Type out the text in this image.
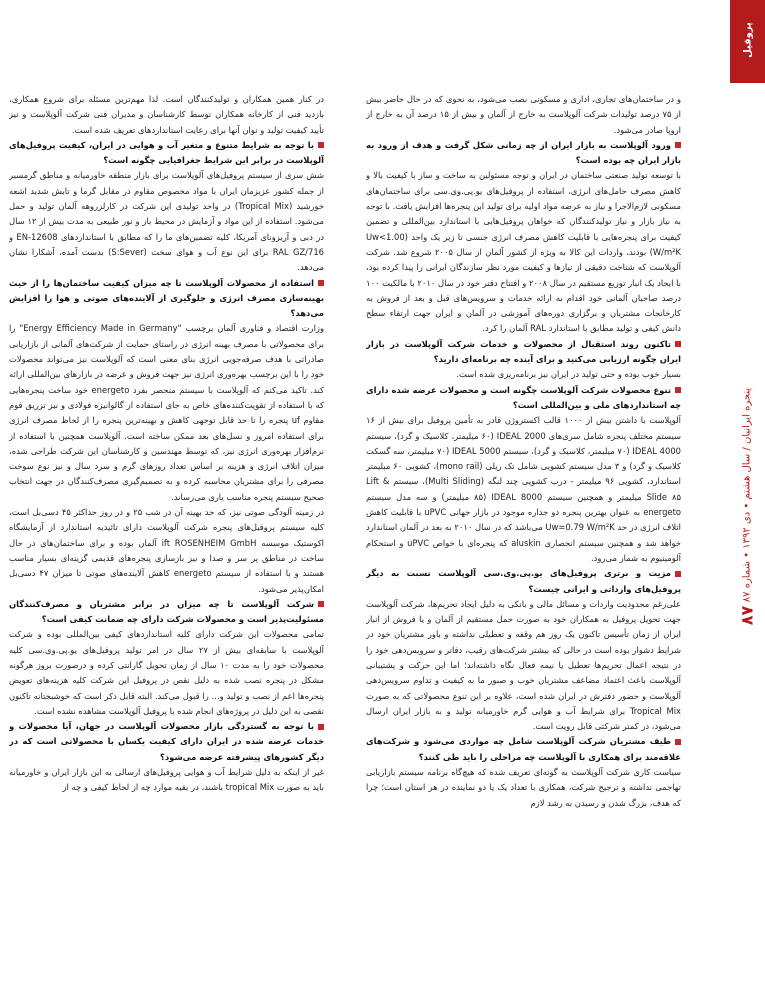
پروفیل
پنجره ایرانیان / سال هشتم • دی ۱۳۹۲ • شماره ۸۷
۸۷

و در ساختمان‌های تجاری، اداری و مسکونی نصب می‌شود، به نحوی که در حال حاضر بیش از ۷۵ درصد تولیدات شرکت آلوپلاست به خارج از آلمان و بیش از ۱۵ درصد آن به خارج از اروپا صادر می‌شود.

ورود آلوپلاست به بازار ایران از چه زمانی شکل گرفت و هدف از ورود به بازار ایران چه بوده است؟

با توسعه تولید صنعتی ساختمان در ایران و توجه مسئولین به ساخت و ساز با کیفیت بالا و کاهش مصرف حامل‌های انرژی، استفاده از پروفیل‌های یو.پی.وی.سی برای ساختمان‌های مسکونی لازم‌الاجرا و نیاز به عرضه مواد اولیه برای تولید این پنجره‌ها افزایش یافت. با توجه به نیاز بازار و نیاز تولیدکنندگان که خواهان پروفیل‌هایی با استاندارد بین‌المللی و تضمین کیفیت برای پنجره‌هایی با قابلیت کاهش مصرف انرژی جنسی تا زیر یک واحد (Uw<1.00 W/m²K) بودند، واردات این کالا به ویژه از کشور آلمان از سال ۲۰۰۵ شروع شد. شرکت آلوپلاست که شناخت دقیقی از نیازها و کیفیت مورد نظر سازندگان ایرانی را پیدا کرده بود، با ایجاد یک انبار توزیع مستقیم در سال ۲۰۰۸ و افتتاح دفتر خود در سال ۲۰۱۰ با مالکیت ۱۰۰ درصد صاحبان آلمانی خود اقدام به ارائه خدمات و سرویس‌های قبل و بعد از فروش به کارخانجات مشتریان و برگزاری دوره‌های آموزشی در آلمان و ایران جهت ارتقاء سطح دانش کیفی و تولید مطابق با استاندارد RAL آلمان را کرد.

تاکنون روند استقبال از محصولات و خدمات شرکت آلوپلاست در بازار ایران چگونه ارزیابی می‌کنید و برای آینده چه برنامه‌ای دارید؟

بسیار خوب بوده و حتی تولید در ایران نیز برنامه‌ریزی شده است.

تنوع محصولات شرکت آلوپلاست چگونه است و محصولات عرضه شده دارای چه استانداردهای ملی و بین‌المللی است؟

آلوپلاست با داشتن بیش از ۱۰۰۰ قالب اکستروژن قادر به تأمین پروفیل برای بیش از ۱۶ سیستم مختلف پنجره شامل سری‌های IDEAL 2000 (۶۰ میلیمتر، کلاسیک و گرد)، سیستم IDEAL 4000 (۷۰ میلیمتر، کلاسیک و گرد)، سیستم IDEAL 5000 (۷۰ میلیمتر، سه گسکت کلاسیک و گرد) و ۳ مدل سیستم کشویی شامل تک ریلی (mono rail)، کشویی ۶۰ میلیمتر استاندارد، کشویی ۹۶ میلیمتر - درب کشویی چند لنگه (Multi Sliding)، سیستم Lift & Slide ۸۵ میلیمتر و همچنین سیستم IDEAL 8000 (۸۵ میلیمتر) و سه مدل سیستم energeto به عنوان بهترین پنجره دو جداره موجود در بازار جهانی uPVC با قابلیت کاهش اتلاف انرژی در حد Uw=0.79 W/m²K می‌باشد که در سال ۲۰۱۰ به بعد در آلمان استاندارد خواهد شد و همچنین سیستم انحصاری aluskin که پنجره‌ای با خواص uPVC و استحکام آلومینیوم به شمار می‌رود.

مزیت و برتری پروفیل‌های یو.پی.وی.سی آلوپلاست نسبت به دیگر پروفیل‌های وارداتی و ایرانی چیست؟

علی‌رغم محدودیت واردات و مسائل مالی و بانکی به دلیل ایجاد تحریم‌ها، شرکت آلوپلاست جهت تحویل پروفیل به همکاران خود به صورت حمل مستقیم از آلمان و یا فروش از انبار ایران از زمان تأسیس تاکنون یک روز هم وقفه و تعطیلی نداشته و باور مشتریان خود در شرایط دشوار بوده است در حالی که بیشتر شرکت‌های رقیب، دفاتر و سرویس‌دهی خود را در نتیجه اعمال تحریم‌ها تعطیل یا نیمه فعال نگاه داشته‌اند؛ اما این حرکت و پشتیبانی آلوپلاست باعث اعتماد مضاعف مشتریان خوب و صبور ما به کیفیت و تداوم سرویس‌دهی آلوپلاست و حضور دفترش در ایران شده است، علاوه بر این تنوع محصولاتی که به صورت Tropical Mix برای شرایط آب و هوایی گرم خاورمیانه تولید و به بازار ایران ارسال می‌شود، در کمتر شرکتی قابل رویت است.

طیف مشتریان شرکت آلوپلاست شامل چه مواردی می‌شود و شرکت‌های علاقه‌مند برای همکاری با آلوپلاست چه مراحلی را باید طی کنند؟

سیاست کاری شرکت آلوپلاست به گونه‌ای تعریف شده که هیچ‌گاه برنامه سیستم بازاریابی تهاجمی نداشته و ترجیح شرکت، همکاری با تعداد یک یا دو نماینده در هر استان است؛ چرا که هدف، بزرگ شدن و رسیدن به رشد لازم

در کنار همین همکاران و تولیدکنندگان است. لذا مهم‌ترین مسئله برای شروع همکاری، بازدید فنی از کارخانه همکاران توسط کارشناسان و مدیران فنی شرکت آلوپلاست و نیز تأیید کیفیت تولید و توان آنها برای رعایت استانداردهای تعریف شده است.

با توجه به شرایط متنوع و متغیر آب و هوایی در ایران، کیفیت پروفیل‌های آلوپلاست در برابر این شرایط جغرافیایی چگونه است؟

شش سری از سیستم پروفیل‌های آلوپلاست برای بازار منطقه خاورمیانه و مناطق گرمسیر از جمله کشور عزیزمان ایران با مواد مخصوص مقاوم در مقابل گرما و تابش شدید اشعه خورشید (Tropical Mix) در واحد تولیدی این شرکت در کارلزروهه آلمان تولید و حمل می‌شود. استفاده از این مواد و آزمایش در محیط باز و نور طبیعی به مدت بیش از ۱۲ سال در دبی و آریزونای آمریکا، کلیه تضمین‌های ما را که مطابق با استانداردهای EN-12608 و RAL GZ/716 برای این نوع آب و هوای سخت (S:Sever) بدست آمده، آشکارا نشان می‌دهد.

استفاده از محصولات آلوپلاست تا چه میزان کیفیت ساختمان‌ها را از حیث بهینه‌سازی مصرف انرژی و جلوگیری از آلاینده‌های صوتی و هوا را افزایش می‌دهد؟

وزارت اقتصاد و فناوری آلمان برچسب "Energy Efficiency Made in Germany" را برای محصولاتی با مصرف بهینه انرژی در راستای حمایت از شرکت‌های آلمانی از بازاریابی صادراتی با هدف صرفه‌جویی انرژی بنای معنی است که آلوپلاست نیز می‌تواند محصولات خود را با این برچسب بهره‌وری انرژی نیز جهت فروش و عرضه در بازارهای بین‌المللی ارائه کند. تاکید می‌کنم که آلوپلاست با سیستم منحصر بفرد energeto خود ساخت پنجره‌هایی که با استفاده از تقویت‌کننده‌های خاص به جای استفاده از گالوانیزه فولادی و نیز تزریق فوم مقاوم uf پنجره را تا حد قابل توجهی کاهش و بهینه‌ترین پنجره را از لحاظ مصرف انرژی برای استفاده امروز و نسل‌های بعد ممکن ساخته است. آلوپلاست همچنین با استفاده از نرم‌افزار بهره‌وری انرژی نیز، که توسط مهندسین و کارشناسان این شرکت طراحی شده، میزان اتلاف انرژی و هزینه بر اساس تعداد روزهای گرم و سرد سال و نیز نوع سوخت مصرفی را برای مشتریان محاسبه کرده و به تصمیم‌گیری مصرف‌کنندگان در جهت انتخاب صحیح سیستم پنجره مناسب یاری می‌رساند.

در زمینه آلودگی صوتی نیز، که حد بهینه آن در شب ۲۵ و در روز حداکثر ۴۵ دسی‌بل است، کلیه سیستم پروفیل‌های پنجره شرکت آلوپلاست دارای تائیدیه استاندارد از آزمایشگاه اکوستیک موسسه ift ROSENHEIM GmbH آلمان بوده و برای ساختمان‌های در حال ساخت در مناطق پر سر و صدا و نیز بازسازی پنجره‌های قدیمی گزینه‌ای بسیار مناسب هستند و با استفاده از سیستم energeto کاهش آلاینده‌های صوتی تا میزان ۴۷ دسی‌بل امکان‌پذیر می‌شود.

شرکت آلوپلاست تا چه میزان در برابر مشتریان و مصرف‌کنندگان مسئولیت‌پذیر است و محصولات شرکت دارای چه ضمانت کیفی است؟

تمامی محصولات این شرکت دارای کلیه استانداردهای کیفی بین‌المللی بوده و شرکت آلوپلاست با سابقه‌ای بیش از ۲۷ سال در امر تولید پروفیل‌های یو.پی.وی.سی کلیه محصولات خود را به مدت ۱۰ سال از زمان تحویل گارانتی کرده و درصورت بروز هرگونه مشکل در پنجره نصب شده به دلیل نقص در پروفیل این شرکت کلیه هزینه‌های تعویض پنجره‌ها اعم از نصب و تولید و... را قبول می‌کند. البته قابل ذکر است که خوشبختانه تاکنون نقصی به این دلیل در پروژه‌های انجام شده با پروفیل آلوپلاست مشاهده نشده است.

با توجه به گستردگی بازار محصولات آلوپلاست در جهان، آیا محصولات و خدمات عرضه شده در ایران دارای کیفیت یکسان با محصولاتی است که در دیگر کشورهای پیشرفته عرضه می‌شود؟

غیر از اینکه به دلیل شرایط آب و هوایی پروفیل‌های ارسالی به این بازار ایران و خاورمیانه باید به صورت tropical Mix باشند، در بقیه موارد چه از لحاظ کیفی و چه از
